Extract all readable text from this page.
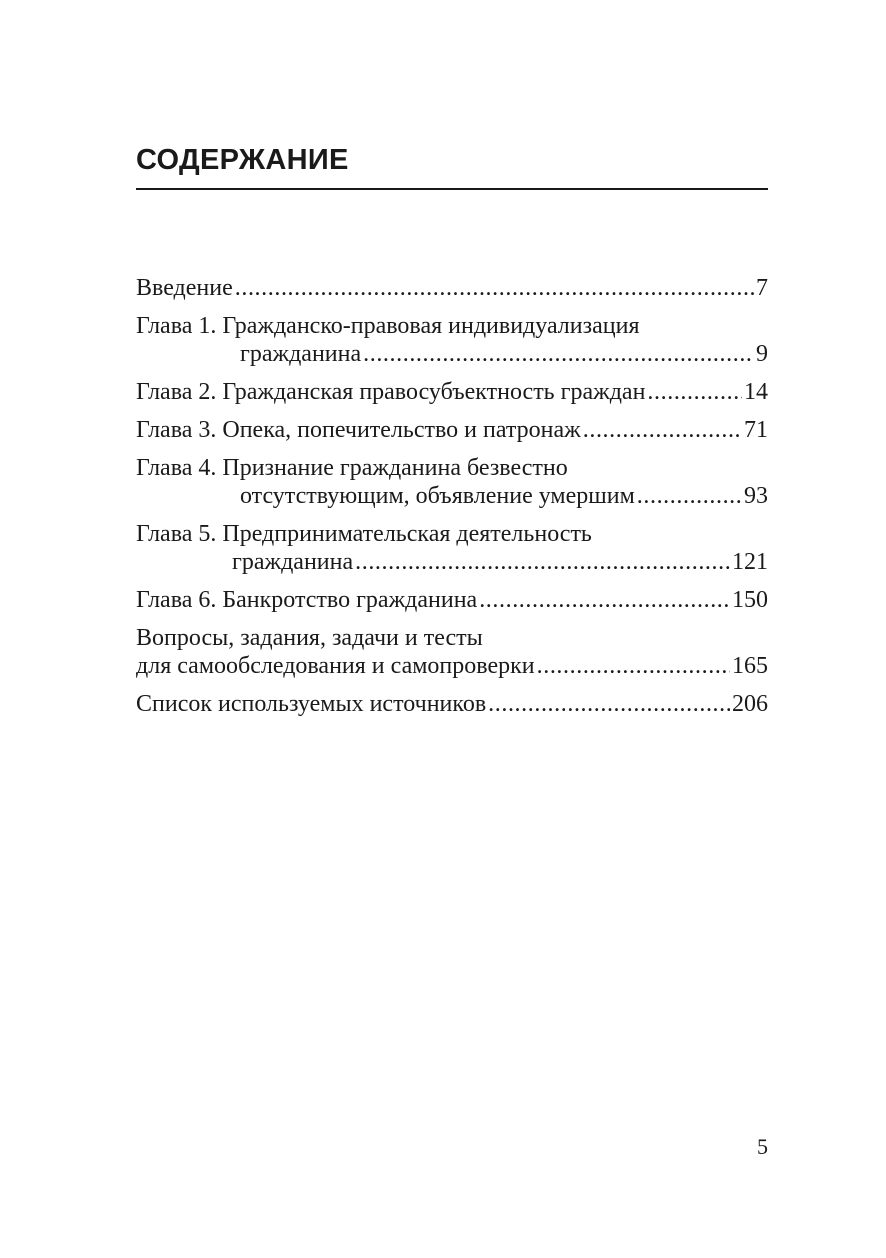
СОДЕРЖАНИЕ
Введение .....	7
Глава 1. Гражданско-правовая индивидуализация
гражданина .....	9
Глава 2. Гражданская правосубъектность граждан .....	14
Глава 3. Опека, попечительство и патронаж .....	71
Глава 4. Признание гражданина безвестно
отсутствующим, объявление умершим .....	93
Глава 5. Предпринимательская деятельность
гражданина .....	121
Глава 6. Банкротство гражданина .....	150
Вопросы, задания, задачи и тесты
для самообследования и самопроверки .....	165
Список используемых источников .....	206
5
